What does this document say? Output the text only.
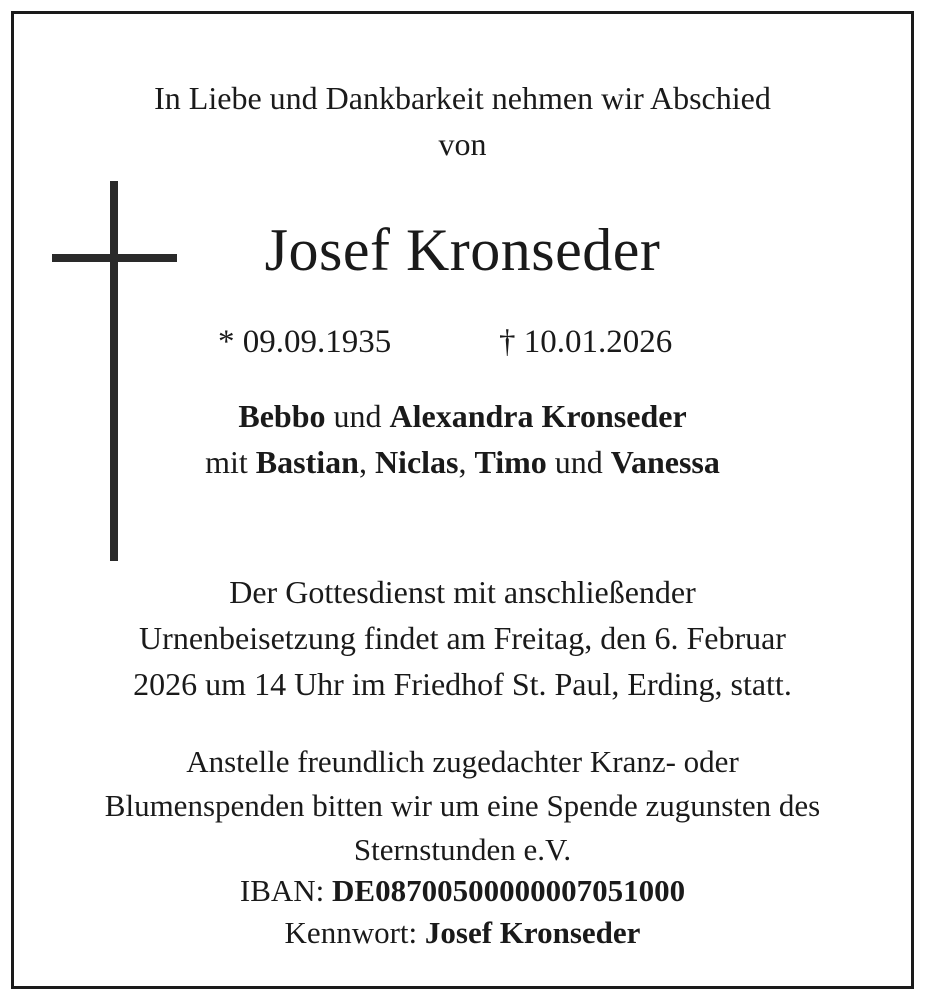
In Liebe und Dankbarkeit nehmen wir Abschied
von
Josef Kronseder
* 09.09.1935	† 10.01.2026
Bebbo und Alexandra Kronseder
mit Bastian, Niclas, Timo und Vanessa
Der Gottesdienst mit anschließender
Urnenbeisetzung findet am Freitag, den 6. Februar
2026 um 14 Uhr im Friedhof St. Paul, Erding, statt.
Anstelle freundlich zugedachter Kranz- oder
Blumenspenden bitten wir um eine Spende zugunsten des
Sternstunden e.V.
IBAN: DE08700500000007051000
Kennwort: Josef Kronseder
